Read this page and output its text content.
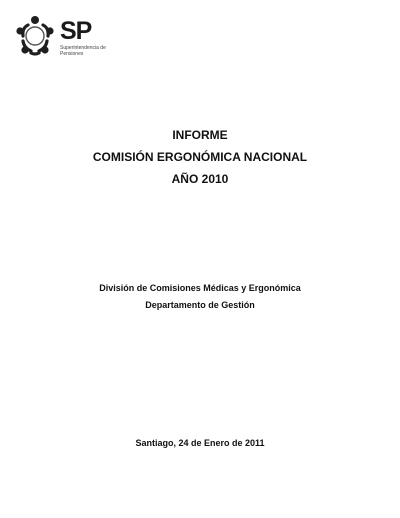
SP
Superintendencia de
Pensiones
INFORME
COMISIÓN ERGONÓMICA NACIONAL
AÑO 2010
División de Comisiones Médicas y Ergonómica
Departamento de Gestión
Santiago, 24 de Enero de 2011
